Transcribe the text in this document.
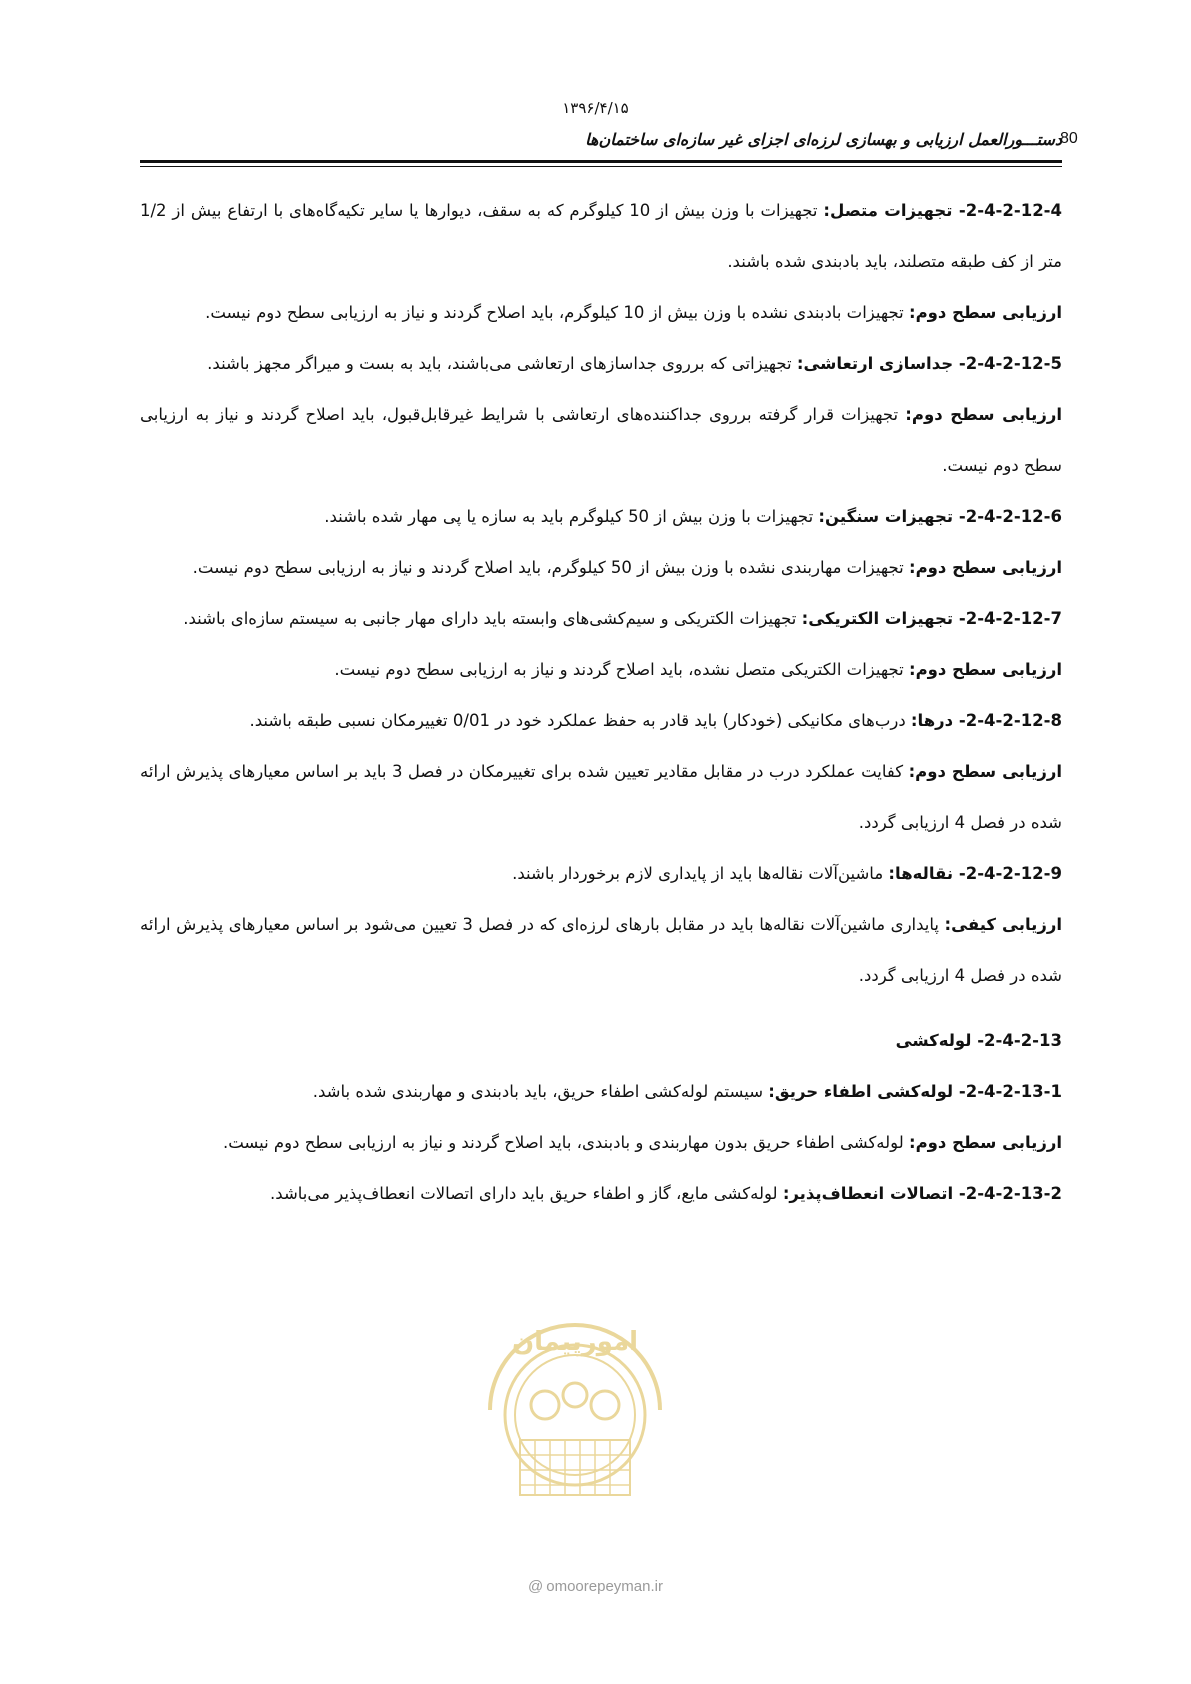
۱۳۹۶/۴/۱۵
دستـــورالعمل ارزیابی و بهسازی لرزه‌ای اجزای غیر سازه‌ای ساختمان‌ها
80

2-4-2-12-4- تجهیزات متصل: تجهیزات با وزن بیش از 10 کیلوگرم که به سقف، دیوارها یا سایر تکیه‌گاه‌های با ارتفاع بیش از 1/2 متر از کف طبقه متصلند، باید بادبندی شده باشند.

ارزیابی سطح دوم: تجهیزات بادبندی نشده با وزن بیش از 10 کیلوگرم، باید اصلاح گردند و نیاز به ارزیابی سطح دوم نیست.

2-4-2-12-5- جداسازی ارتعاشی: تجهیزاتی که برروی جداسازهای ارتعاشی می‌باشند، باید به بست و میراگر مجهز باشند.

ارزیابی سطح دوم: تجهیزات قرار گرفته برروی جداکننده‌های ارتعاشی با شرایط غیرقابل‌قبول، باید اصلاح گردند و نیاز به ارزیابی سطح دوم نیست.

2-4-2-12-6- تجهیزات سنگین: تجهیزات با وزن بیش از 50 کیلوگرم باید به سازه یا پی مهار شده باشند.

ارزیابی سطح دوم: تجهیزات مهاربندی نشده با وزن بیش از 50 کیلوگرم، باید اصلاح گردند و نیاز به ارزیابی سطح دوم نیست.

2-4-2-12-7- تجهیزات الکتریکی: تجهیزات الکتریکی و سیم‌کشی‌های وابسته باید دارای مهار جانبی به سیستم سازه‌ای باشند.

ارزیابی سطح دوم: تجهیزات الکتریکی متصل نشده، باید اصلاح گردند و نیاز به ارزیابی سطح دوم نیست.

2-4-2-12-8- درها: درب‌های مکانیکی (خودکار) باید قادر به حفظ عملکرد خود در 0/01 تغییرمکان نسبی طبقه باشند.

ارزیابی سطح دوم: کفایت عملکرد درب در مقابل مقادیر تعیین شده برای تغییرمکان در فصل 3 باید بر اساس معیارهای پذیرش ارائه شده در فصل 4 ارزیابی گردد.

2-4-2-12-9- نقاله‌ها: ماشین‌آلات نقاله‌ها باید از پایداری لازم برخوردار باشند.

ارزیابی کیفی: پایداری ماشین‌آلات نقاله‌ها باید در مقابل بارهای لرزه‌ای که در فصل 3 تعیین می‌شود بر اساس معیارهای پذیرش ارائه شده در فصل 4 ارزیابی گردد.

2-4-2-13- لوله‌کشی

2-4-2-13-1- لوله‌کشی اطفاء حریق: سیستم لوله‌کشی اطفاء حریق، باید بادبندی و مهاربندی شده باشد.

ارزیابی سطح دوم: لوله‌کشی اطفاء حریق بدون مهاربندی و بادبندی، باید اصلاح گردند و نیاز به ارزیابی سطح دوم نیست.

2-4-2-13-2- اتصالات انعطاف‌پذیر: لوله‌کشی مایع، گاز و اطفاء حریق باید دارای اتصالات انعطاف‌پذیر می‌باشد.

امورپیمان
@ omoorepeyman.ir
